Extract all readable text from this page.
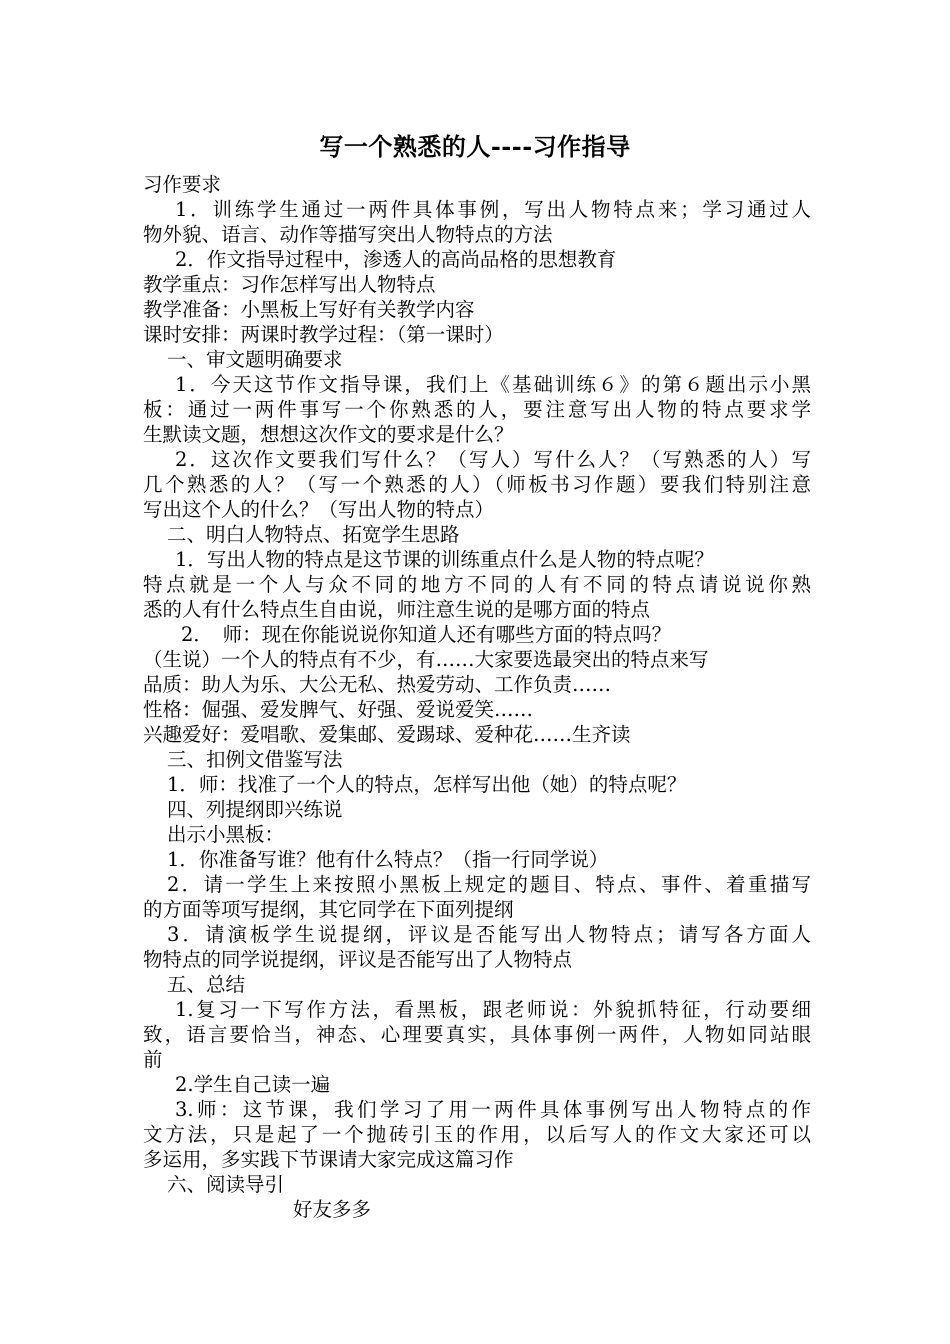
写一个熟悉的人----习作指导
习作要求
1．训练学生通过一两件具体事例，写出人物特点来；学习通过人
物外貌、语言、动作等描写突出人物特点的方法
2．作文指导过程中，渗透人的高尚品格的思想教育
教学重点：习作怎样写出人物特点
教学准备：小黑板上写好有关教学内容
课时安排：两课时教学过程：（第一课时）
一、审文题明确要求
1．今天这节作文指导课，我们上《基础训练６》的第６题出示小黑
板：通过一两件事写一个你熟悉的人，要注意写出人物的特点要求学
生默读文题，想想这次作文的要求是什么？
2．这次作文要我们写什么？（写人）写什么人？（写熟悉的人）写
几个熟悉的人？（写一个熟悉的人）（师板书习作题）要我们特别注意
写出这个人的什么？（写出人物的特点）
二、明白人物特点、拓宽学生思路
1．写出人物的特点是这节课的训练重点什么是人物的特点呢？
特点就是一个人与众不同的地方不同的人有不同的特点请说说你熟
悉的人有什么特点生自由说，师注意生说的是哪方面的特点
2．　师：现在你能说说你知道人还有哪些方面的特点吗？
（生说）一个人的特点有不少，有……大家要选最突出的特点来写
品质：助人为乐、大公无私、热爱劳动、工作负责……
性格：倔强、爱发脾气、好强、爱说爱笑……
兴趣爱好：爱唱歌、爱集邮、爱踢球、爱种花……生齐读
三、扣例文借鉴写法
1．师：找准了一个人的特点，怎样写出他（她）的特点呢？
四、列提纲即兴练说
出示小黑板：
1．你准备写谁？他有什么特点？（指一行同学说）
2．请一学生上来按照小黑板上规定的题目、特点、事件、着重描写
的方面等项写提纲，其它同学在下面列提纲
3．请演板学生说提纲，评议是否能写出人物特点；请写各方面人
物特点的同学说提纲，评议是否能写出了人物特点
五、总结
1.复习一下写作方法，看黑板，跟老师说：外貌抓特征，行动要细
致，语言要恰当，神态、心理要真实，具体事例一两件，人物如同站眼
前
2.学生自己读一遍
3.师：这节课，我们学习了用一两件具体事例写出人物特点的作
文方法，只是起了一个抛砖引玉的作用，以后写人的作文大家还可以
多运用，多实践下节课请大家完成这篇习作
六、阅读导引
好友多多
